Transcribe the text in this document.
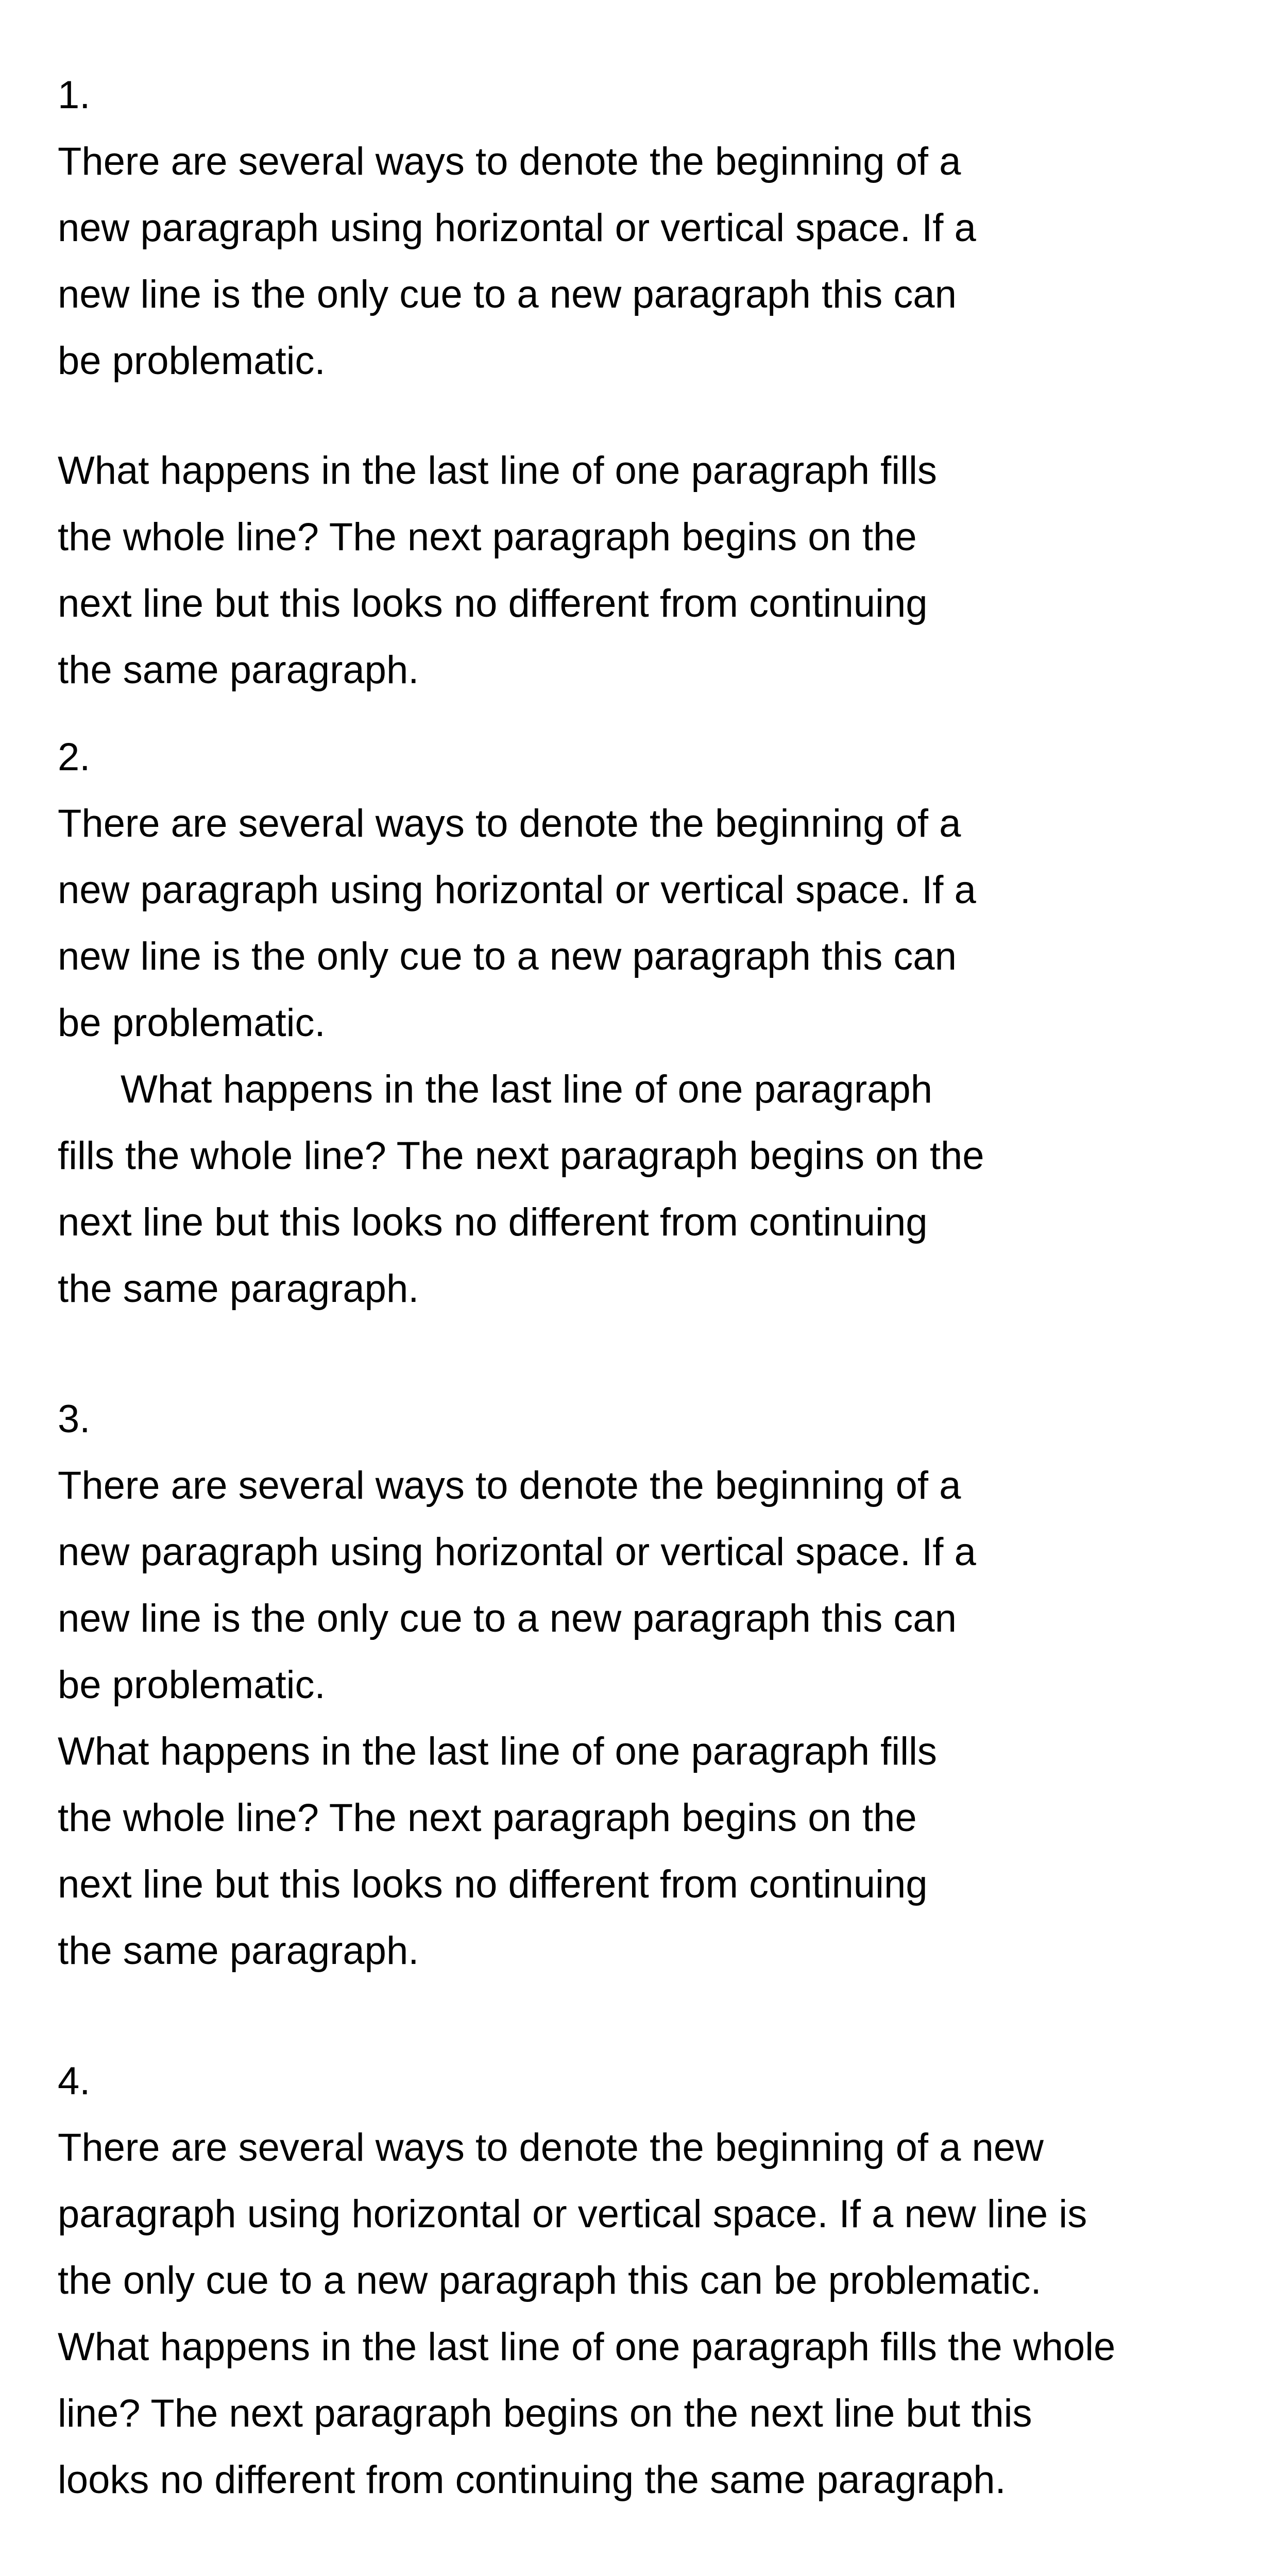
1.
There are several ways to denote the beginning of a
new paragraph using horizontal or vertical space. If a
new line is the only cue to a new paragraph this can
be problematic.
What happens in the last line of one paragraph fills
the whole line? The next paragraph begins on the
next line but this looks no different from continuing
the same paragraph.
2.
There are several ways to denote the beginning of a
new paragraph using horizontal or vertical space. If a
new line is the only cue to a new paragraph this can
be problematic.
What happens in the last line of one paragraph
fills the whole line? The next paragraph begins on the
next line but this looks no different from continuing
the same paragraph.
3.
There are several ways to denote the beginning of a
new paragraph using horizontal or vertical space. If a
new line is the only cue to a new paragraph this can
be problematic.
What happens in the last line of one paragraph fills
the whole line? The next paragraph begins on the
next line but this looks no different from continuing
the same paragraph.
4.
There are several ways to denote the beginning of a new
paragraph using horizontal or vertical space. If a new line is
the only cue to a new paragraph this can be problematic.
What happens in the last line of one paragraph fills the whole
line? The next paragraph begins on the next line but this
looks no different from continuing the same paragraph.
